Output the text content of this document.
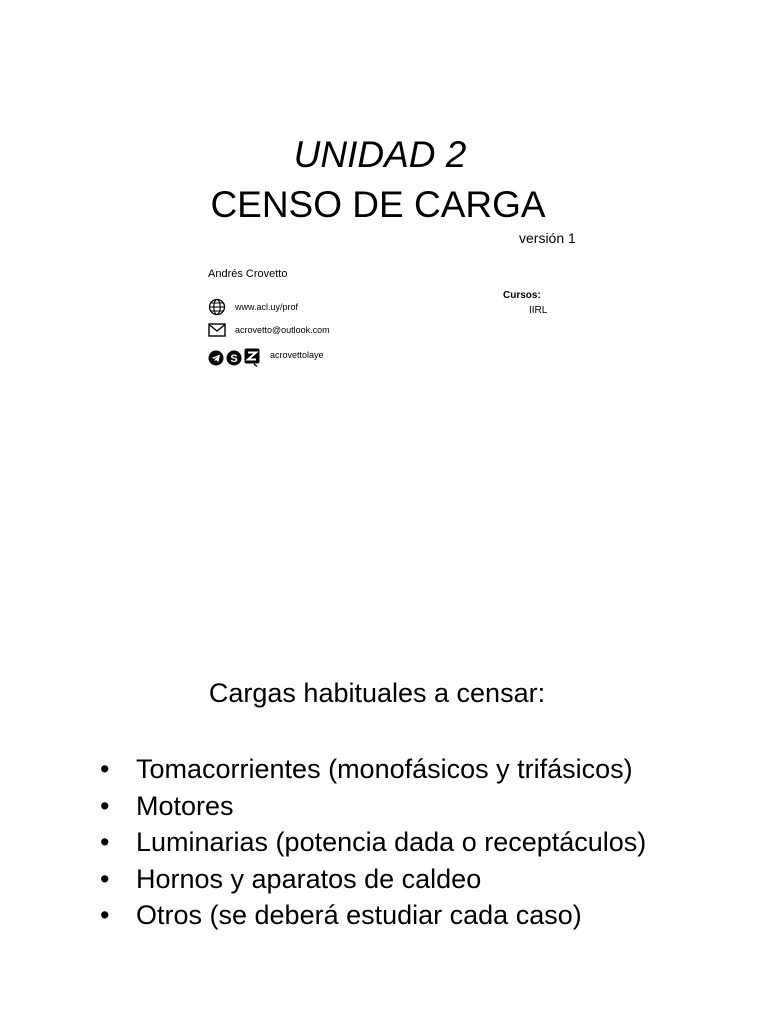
UNIDAD 2
CENSO DE CARGA
versión 1
Andrés Crovetto
www.acl.uy/prof
acrovetto@outlook.com
S	acrovettolaye
Cursos:
IIRL
Cargas habituales a censar:
• Tomacorrientes (monofásicos y trifásicos)
• Motores
• Luminarias (potencia dada o receptáculos)
• Hornos y aparatos de caldeo
• Otros (se deberá estudiar cada caso)
